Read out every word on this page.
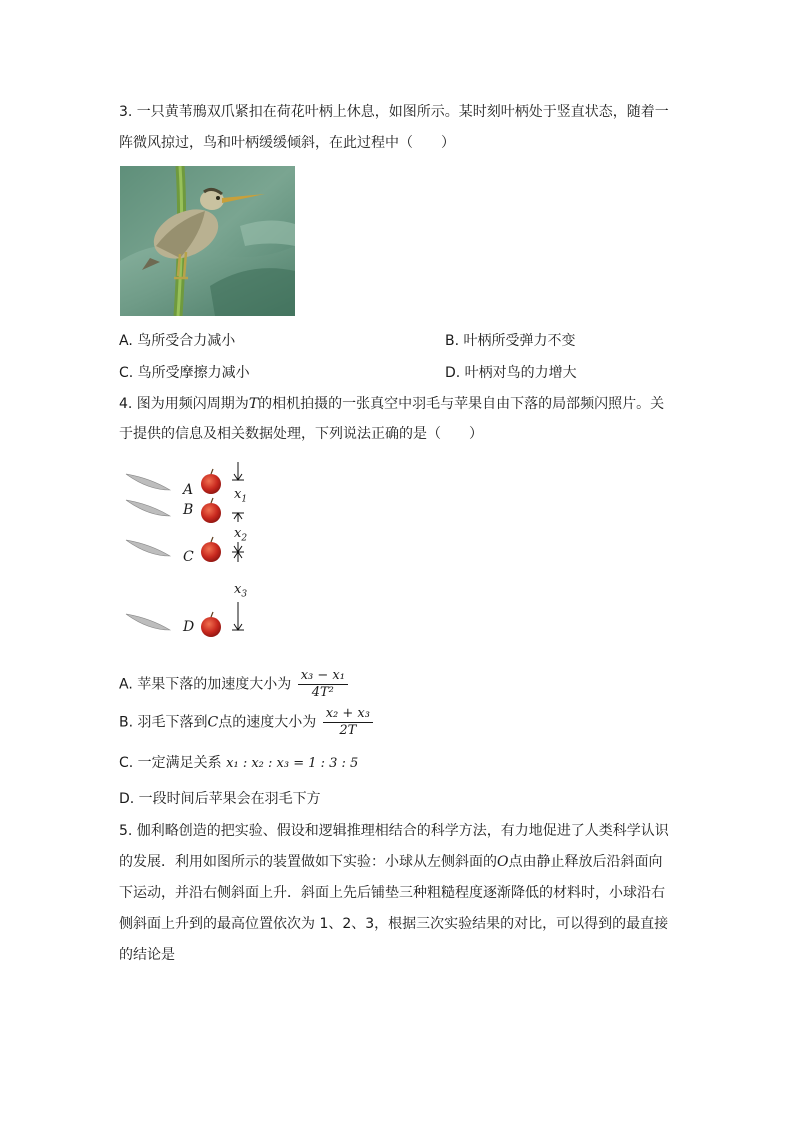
3. 一只黄苇鳽双爪紧扣在荷花叶柄上休息，如图所示。某时刻叶柄处于竖直状态，随着一
阵微风掠过，鸟和叶柄缓缓倾斜，在此过程中（　　）
A. 鸟所受合力减小	B. 叶柄所受弹力不变
C. 鸟所受摩擦力减小	D. 叶柄对鸟的力增大
4. 图为用频闪周期为T的相机拍摄的一张真空中羽毛与苹果自由下落的局部频闪照片。关
于提供的信息及相关数据处理，下列说法正确的是（　　）
A
B
C
D
$x_1$
$x_2$
$x_3$
A. 苹果下落的加速度大小为 $\frac{\text{x₃ − x₁}}{\text{4T²}}$
B. 羽毛下落到C点的速度大小为 $\frac{\text{x₂ + x₃}}{2T}$
C. 一定满足关系 x₁ : x₂ : x₃ = 1 : 3 : 5
D. 一段时间后苹果会在羽毛下方
5. 伽利略创造的把实验、假设和逻辑推理相结合的科学方法，有力地促进了人类科学认识
的发展．利用如图所示的装置做如下实验：小球从左侧斜面的O点由静止释放后沿斜面向
下运动，并沿右侧斜面上升．斜面上先后铺垫三种粗糙程度逐渐降低的材料时，小球沿右
侧斜面上升到的最高位置依次为 1、2、3，根据三次实验结果的对比，可以得到的最直接
的结论是
